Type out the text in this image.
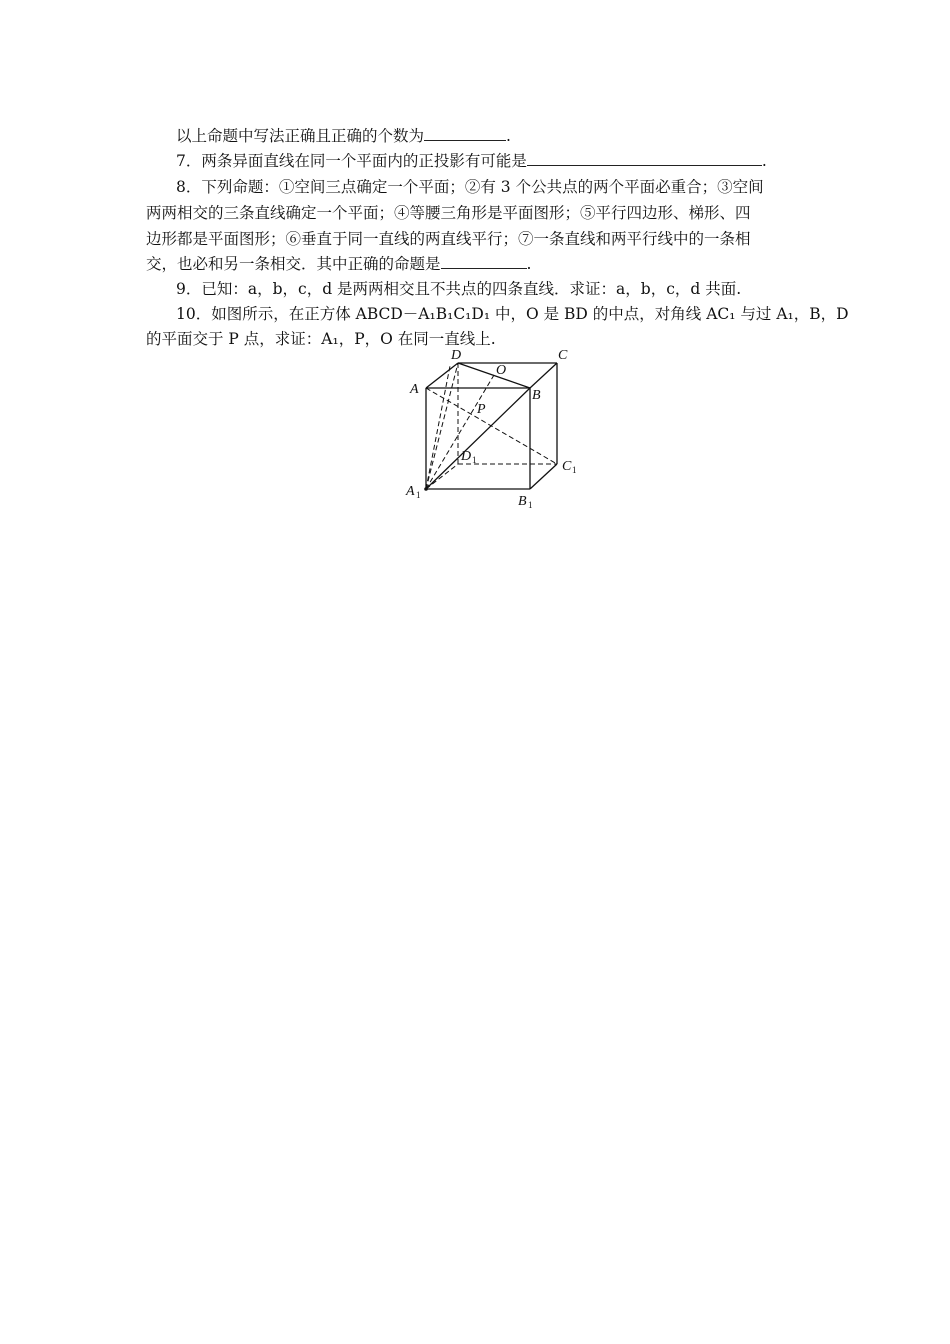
以上命题中写法正确且正确的个数为	.
7．两条异面直线在同一个平面内的正投影有可能是	.
8．下列命题：①空间三点确定一个平面；②有 3 个公共点的两个平面必重合；③空间
两两相交的三条直线确定一个平面；④等腰三角形是平面图形；⑤平行四边形、梯形、四
边形都是平面图形；⑥垂直于同一直线的两直线平行；⑦一条直线和两平行线中的一条相
交，也必和另一条相交．其中正确的命题是	.
9．已知：a，b，c，d 是两两相交且不共点的四条直线．求证：a，b，c，d 共面.
10．如图所示，在正方体 ABCD－A₁B₁C₁D₁ 中，O 是 BD 的中点，对角线 AC₁ 与过 A₁，B，D
的平面交于 P 点，求证：A₁，P，O 在同一直线上.
D	C
O
A	B
P
D 1	C 1
A 1	B 1
